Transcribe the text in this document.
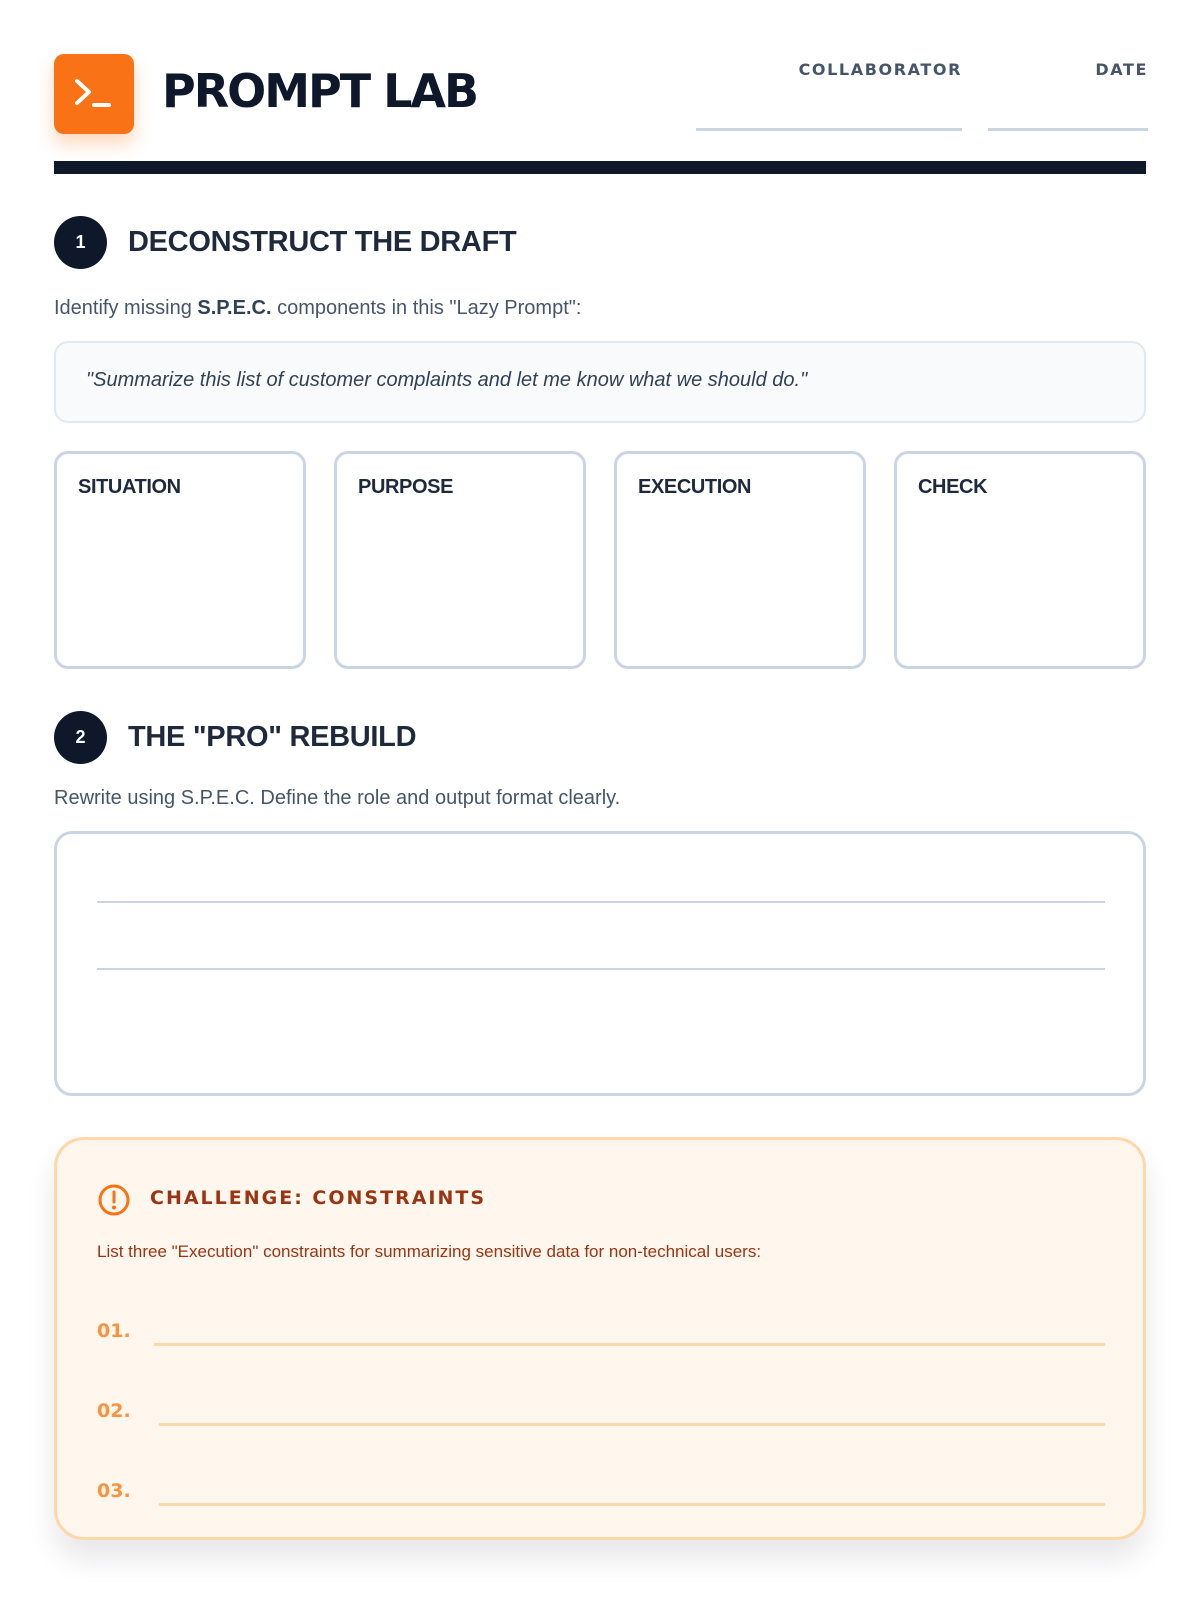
PROMPT LAB	COLLABORATOR	DATE
1	DECONSTRUCT THE DRAFT
Identify missing S.P.E.C. components in this "Lazy Prompt":
"Summarize this list of customer complaints and let me know what we should do."
SITUATION	PURPOSE	EXECUTION	CHECK
2	THE "PRO" REBUILD
Rewrite using S.P.E.C. Define the role and output format clearly.
CHALLENGE: CONSTRAINTS
List three "Execution" constraints for summarizing sensitive data for non-technical users:
01.
02.
03.
